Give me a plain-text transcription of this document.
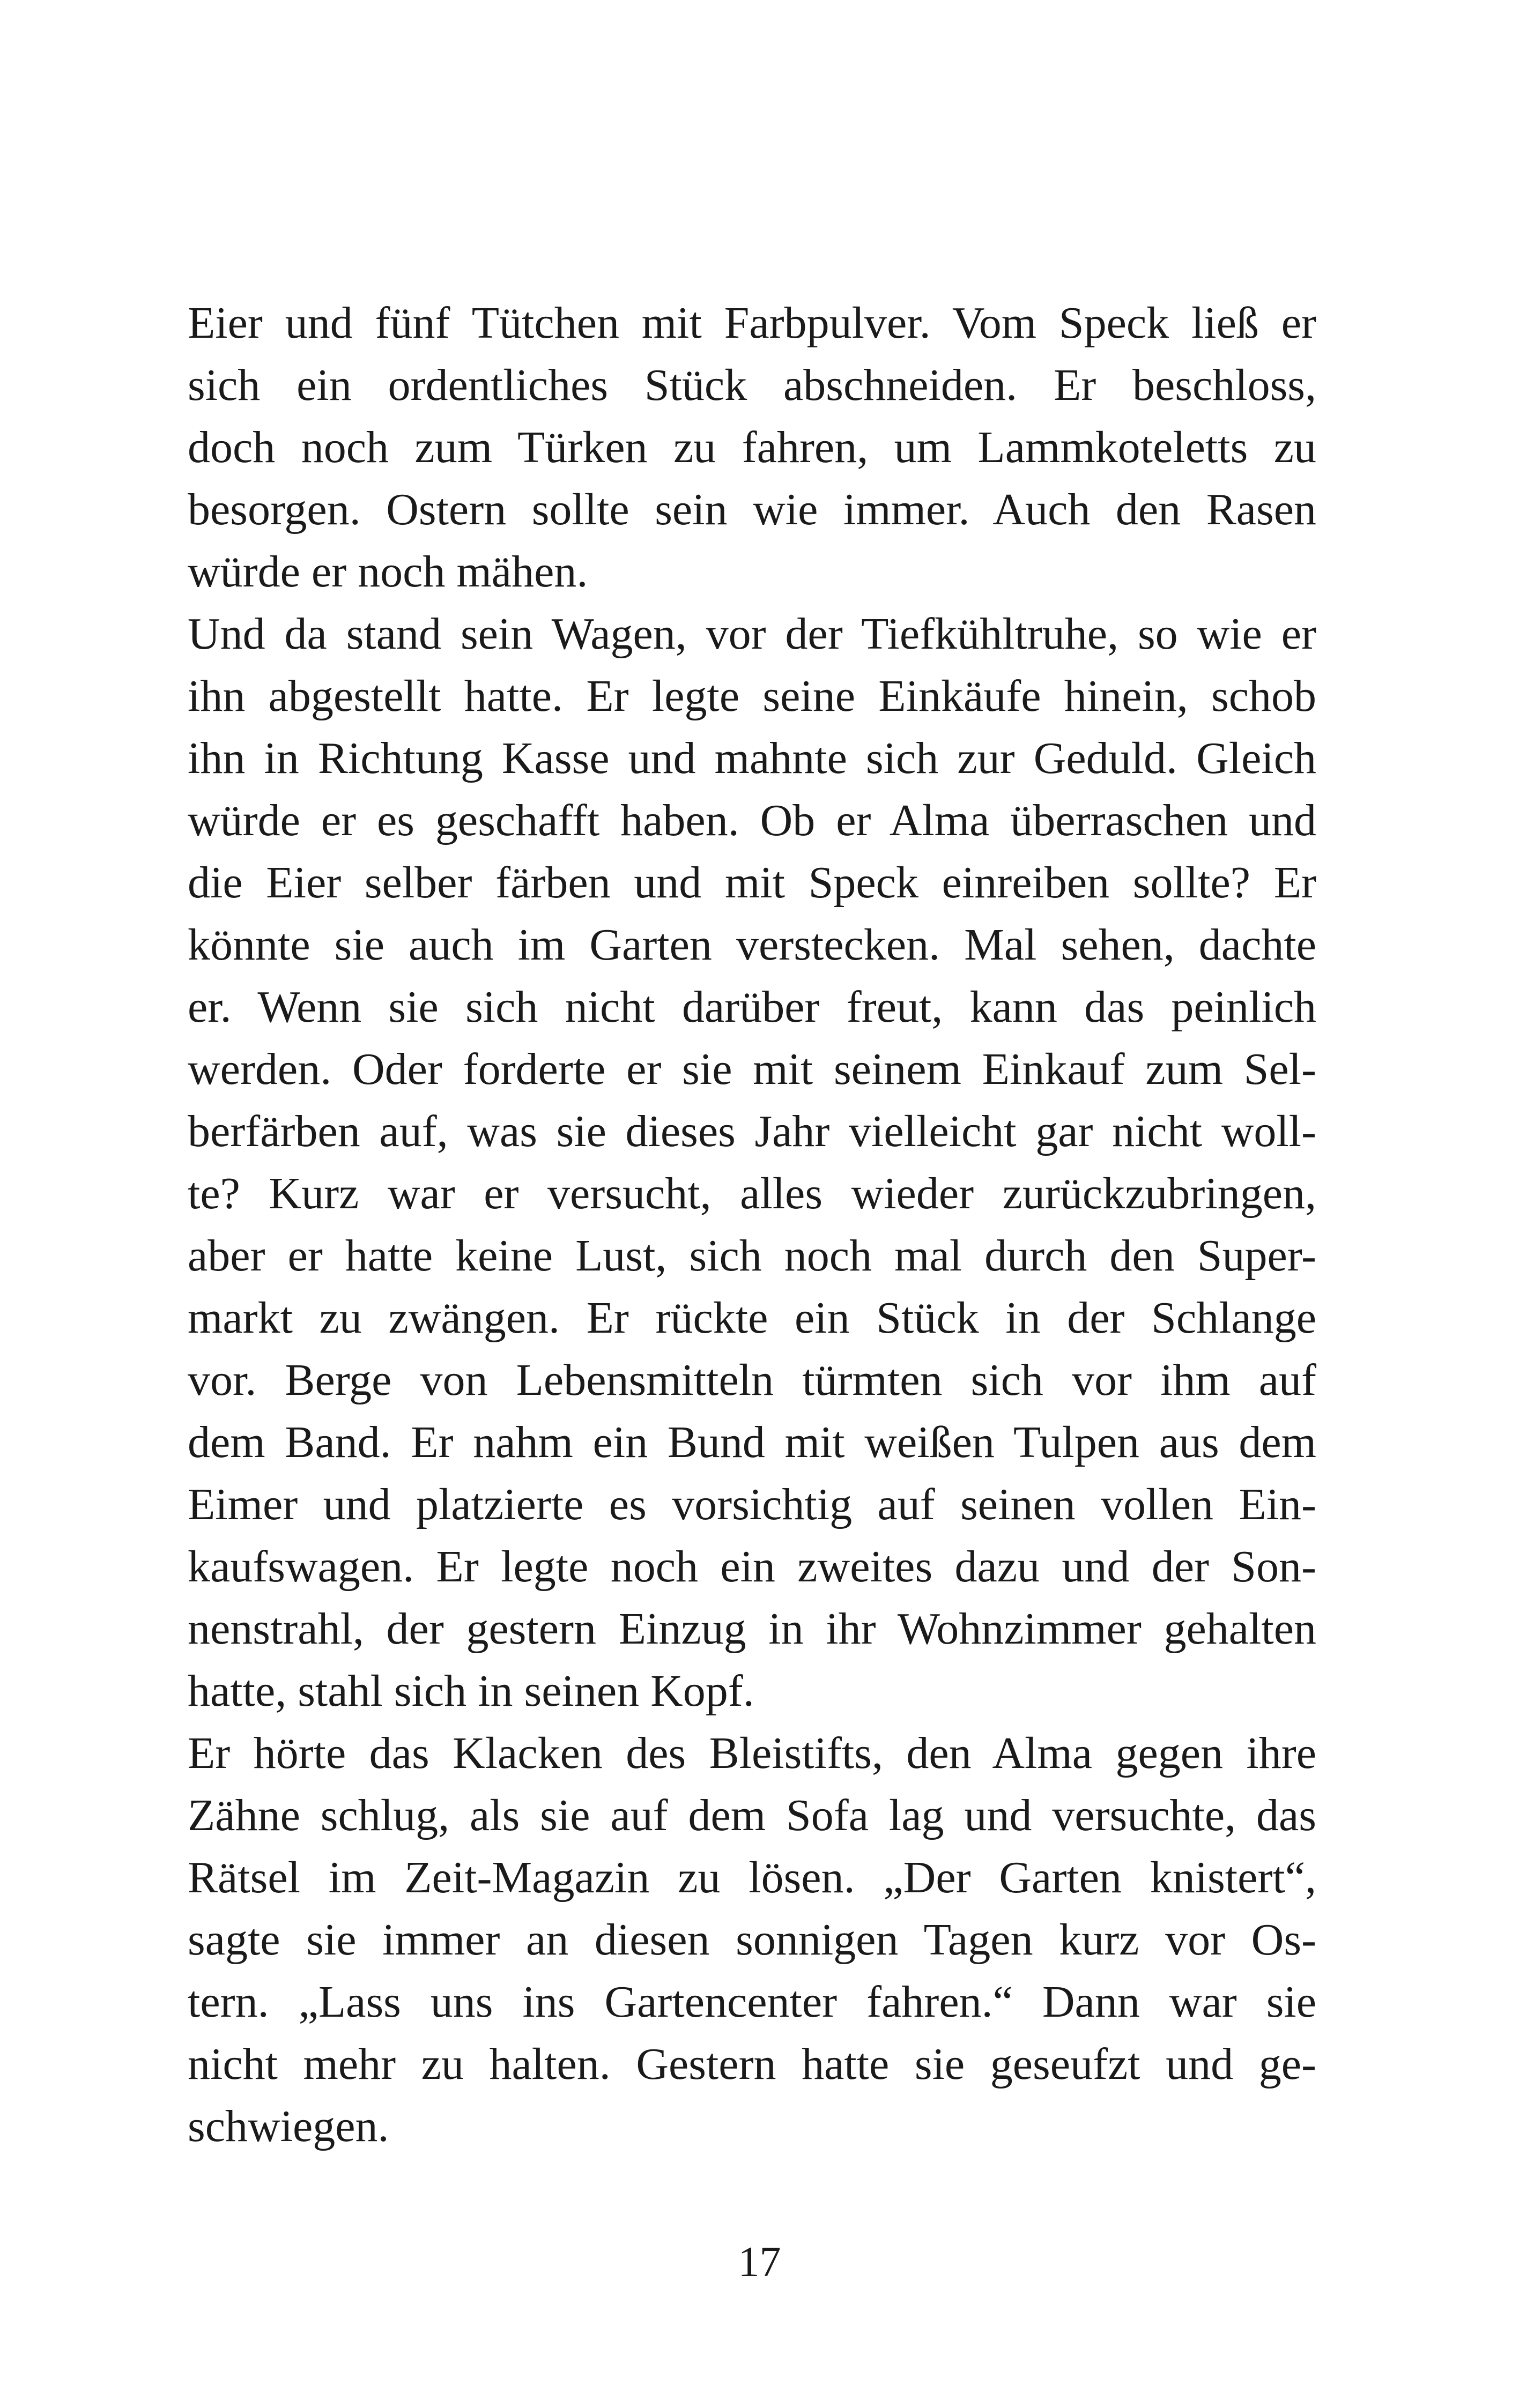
Eier und fünf Tütchen mit Farbpulver. Vom Speck ließ er
sich ein ordentliches Stück abschneiden. Er beschloss,
doch noch zum Türken zu fahren, um Lammkoteletts zu
besorgen. Ostern sollte sein wie immer. Auch den Rasen
würde er noch mähen.
Und da stand sein Wagen, vor der Tiefkühltruhe, so wie er
ihn abgestellt hatte. Er legte seine Einkäufe hinein, schob
ihn in Richtung Kasse und mahnte sich zur Geduld. Gleich
würde er es geschafft haben. Ob er Alma überraschen und
die Eier selber färben und mit Speck einreiben sollte? Er
könnte sie auch im Garten verstecken. Mal sehen, dachte
er. Wenn sie sich nicht darüber freut, kann das peinlich
werden. Oder forderte er sie mit seinem Einkauf zum Sel-
berfärben auf, was sie dieses Jahr vielleicht gar nicht woll-
te? Kurz war er versucht, alles wieder zurückzubringen,
aber er hatte keine Lust, sich noch mal durch den Super-
markt zu zwängen. Er rückte ein Stück in der Schlange
vor. Berge von Lebensmitteln türmten sich vor ihm auf
dem Band. Er nahm ein Bund mit weißen Tulpen aus dem
Eimer und platzierte es vorsichtig auf seinen vollen Ein-
kaufswagen. Er legte noch ein zweites dazu und der Son-
nenstrahl, der gestern Einzug in ihr Wohnzimmer gehalten
hatte, stahl sich in seinen Kopf.
Er hörte das Klacken des Bleistifts, den Alma gegen ihre
Zähne schlug, als sie auf dem Sofa lag und versuchte, das
Rätsel im Zeit-Magazin zu lösen. „Der Garten knistert“,
sagte sie immer an diesen sonnigen Tagen kurz vor Os-
tern. „Lass uns ins Gartencenter fahren.“ Dann war sie
nicht mehr zu halten. Gestern hatte sie geseufzt und ge-
schwiegen.
17
